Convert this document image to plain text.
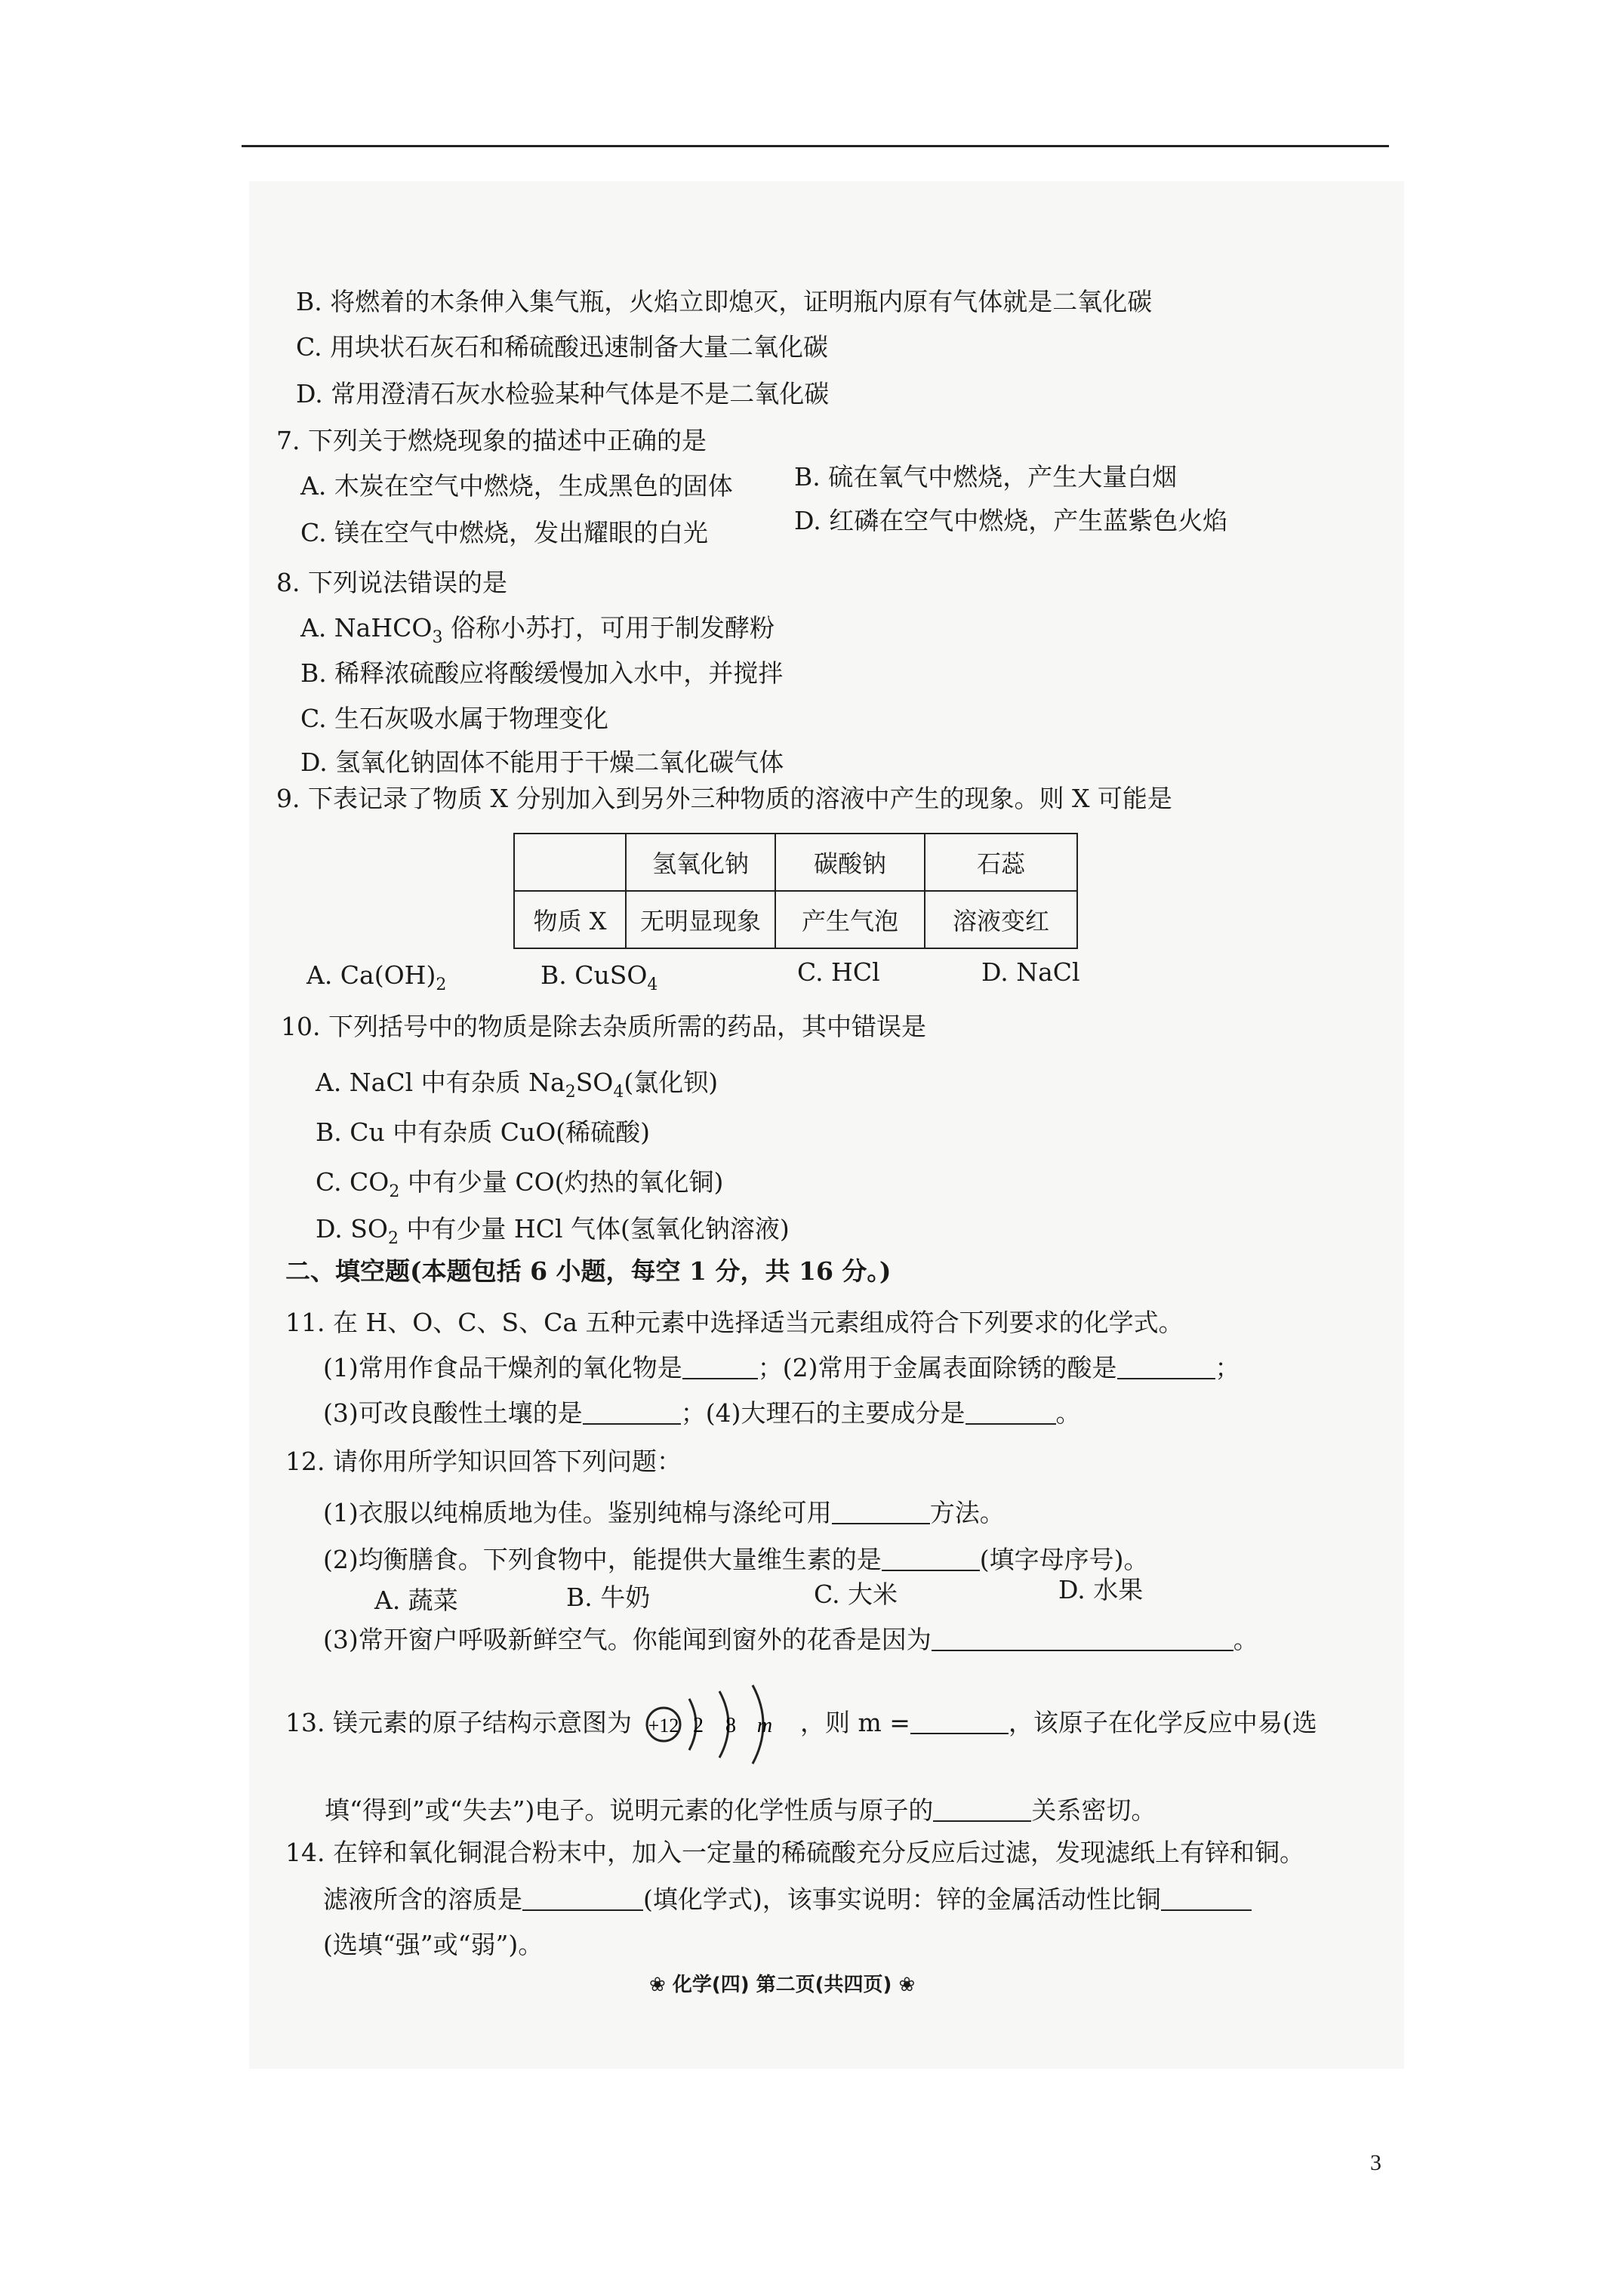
B. 将燃着的木条伸入集气瓶，火焰立即熄灭，证明瓶内原有气体就是二氧化碳
C. 用块状石灰石和稀硫酸迅速制备大量二氧化碳
D. 常用澄清石灰水检验某种气体是不是二氧化碳
7. 下列关于燃烧现象的描述中正确的是
A. 木炭在空气中燃烧，生成黑色的固体 B. 硫在氧气中燃烧，产生大量白烟
C. 镁在空气中燃烧，发出耀眼的白光	D. 红磷在空气中燃烧，产生蓝紫色火焰
8. 下列说法错误的是
A. NaHCO$_3$ 俗称小苏打，可用于制发酵粉
B. 稀释浓硫酸应将酸缓慢加入水中，并搅拌
C. 生石灰吸水属于物理变化
D. 氢氧化钠固体不能用于干燥二氧化碳气体
9. 下表记录了物质 X 分别加入到另外三种物质的溶液中产生的现象。则 X 可能是
	氢氧化钠	碳酸钠	石蕊
物质 X	无明显现象	产生气泡	溶液变红
A. $Ca(OH)_2$	B. CuSO$_4$	C. HCl	D. NaCl
10. 下列括号中的物质是除去杂质所需的药品，其中错误是
A. NaCl 中有杂质 $Na_2SO_4$(氯化钡)
B. Cu 中有杂质 CuO(稀硫酸)
C. $CO_2$ 中有少量 CO(灼热的氧化铜)
D. $SO_2$ 中有少量 HCl 气体(氢氧化钠溶液)
二、填空题(本题包括 6 小题，每空 1 分，共 16 分。)
11. 在 H、O、C、S、Ca 五种元素中选择适当元素组成符合下列要求的化学式。
(1)常用作食品干燥剂的氧化物是	；(2)常用于金属表面除锈的酸是	；
(3)可改良酸性土壤的是	；(4)大理石的主要成分是	。
12. 请你用所学知识回答下列问题：
(1)衣服以纯棉质地为佳。鉴别纯棉与涤纶可用	方法。
(2)均衡膳食。下列食物中，能提供大量维生素的是	(填字母序号)。
A. 蔬菜	B. 牛奶	C. 大米	D. 水果
(3)常开窗户呼吸新鲜空气。你能闻到窗外的花香是因为	。
13. 镁元素的原子结构示意图为 +12 2 8 m ，则 m =	，该原子在化学反应中易(选
填“得到”或“失去”)电子。说明元素的化学性质与原子的	关系密切。
14. 在锌和氧化铜混合粉末中，加入一定量的稀硫酸充分反应后过滤，发现滤纸上有锌和铜。
滤液所含的溶质是	(填化学式)，该事实说明：锌的金属活动性比铜
(选填“强”或“弱”)。
❀ 化学(四) 第二页(共四页) ❀
3
